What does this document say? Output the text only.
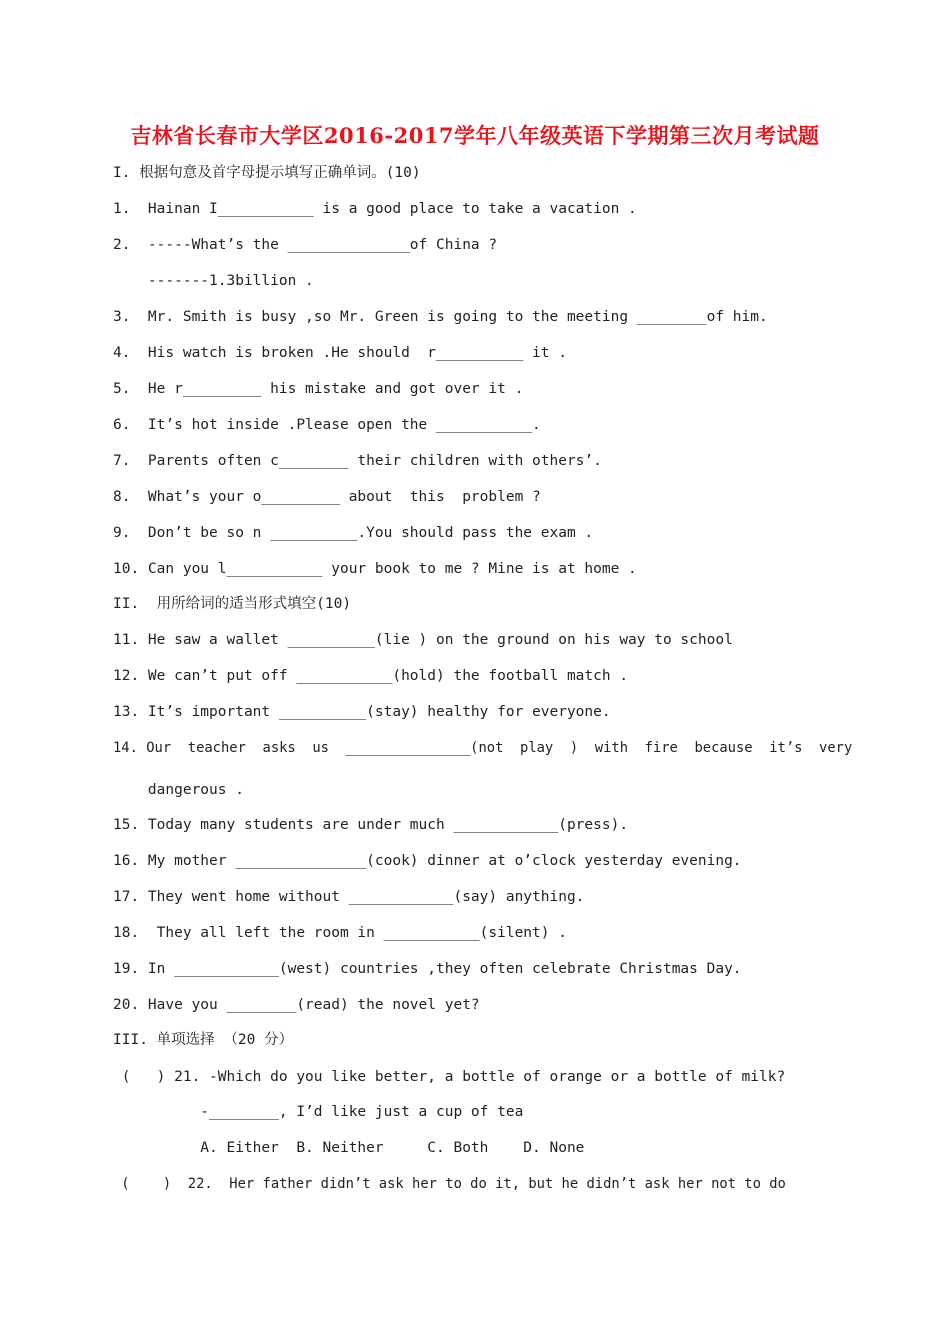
吉林省长春市大学区2016-2017学年八年级英语下学期第三次月考试题
I. 根据句意及首字母提示填写正确单词。(10)
1.  Hainan I___________ is a good place to take a vacation .
2.  -----What’s the ______________of China ?
-------1.3billion .
3.  Mr. Smith is busy ,so Mr. Green is going to the meeting ________of him.
4.  His watch is broken .He should  r__________ it .
5.  He r_________ his mistake and got over it .
6.  It’s hot inside .Please open the ___________.
7.  Parents often c________ their children with others’.
8.  What’s your o_________ about  this  problem ?
9.  Don’t be so n __________.You should pass the exam .
10. Can you l___________ your book to me ? Mine is at home .
II.  用所给词的适当形式填空(10)
11. He saw a wallet __________(lie ) on the ground on his way to school
12. We can’t put off ___________(hold) the football match .
13. It’s important __________(stay) healthy for everyone.
14. Our  teacher  asks  us  _______________(not  play  )  with  fire  because  it’s  very
dangerous .
15. Today many students are under much ____________(press).
16. My mother _______________(cook) dinner at o’clock yesterday evening.
17. They went home without ____________(say) anything.
18.  They all left the room in ___________(silent) .
19. In ____________(west) countries ,they often celebrate Christmas Day.
20. Have you ________(read) the novel yet?
III. 单项选择 （20 分）
(   ) 21. -Which do you like better, a bottle of orange or a bottle of milk?
-________, I’d like just a cup of tea
A. Either  B. Neither     C. Both    D. None
(    )  22.  Her father didn’t ask her to do it, but he didn’t ask her not to do
